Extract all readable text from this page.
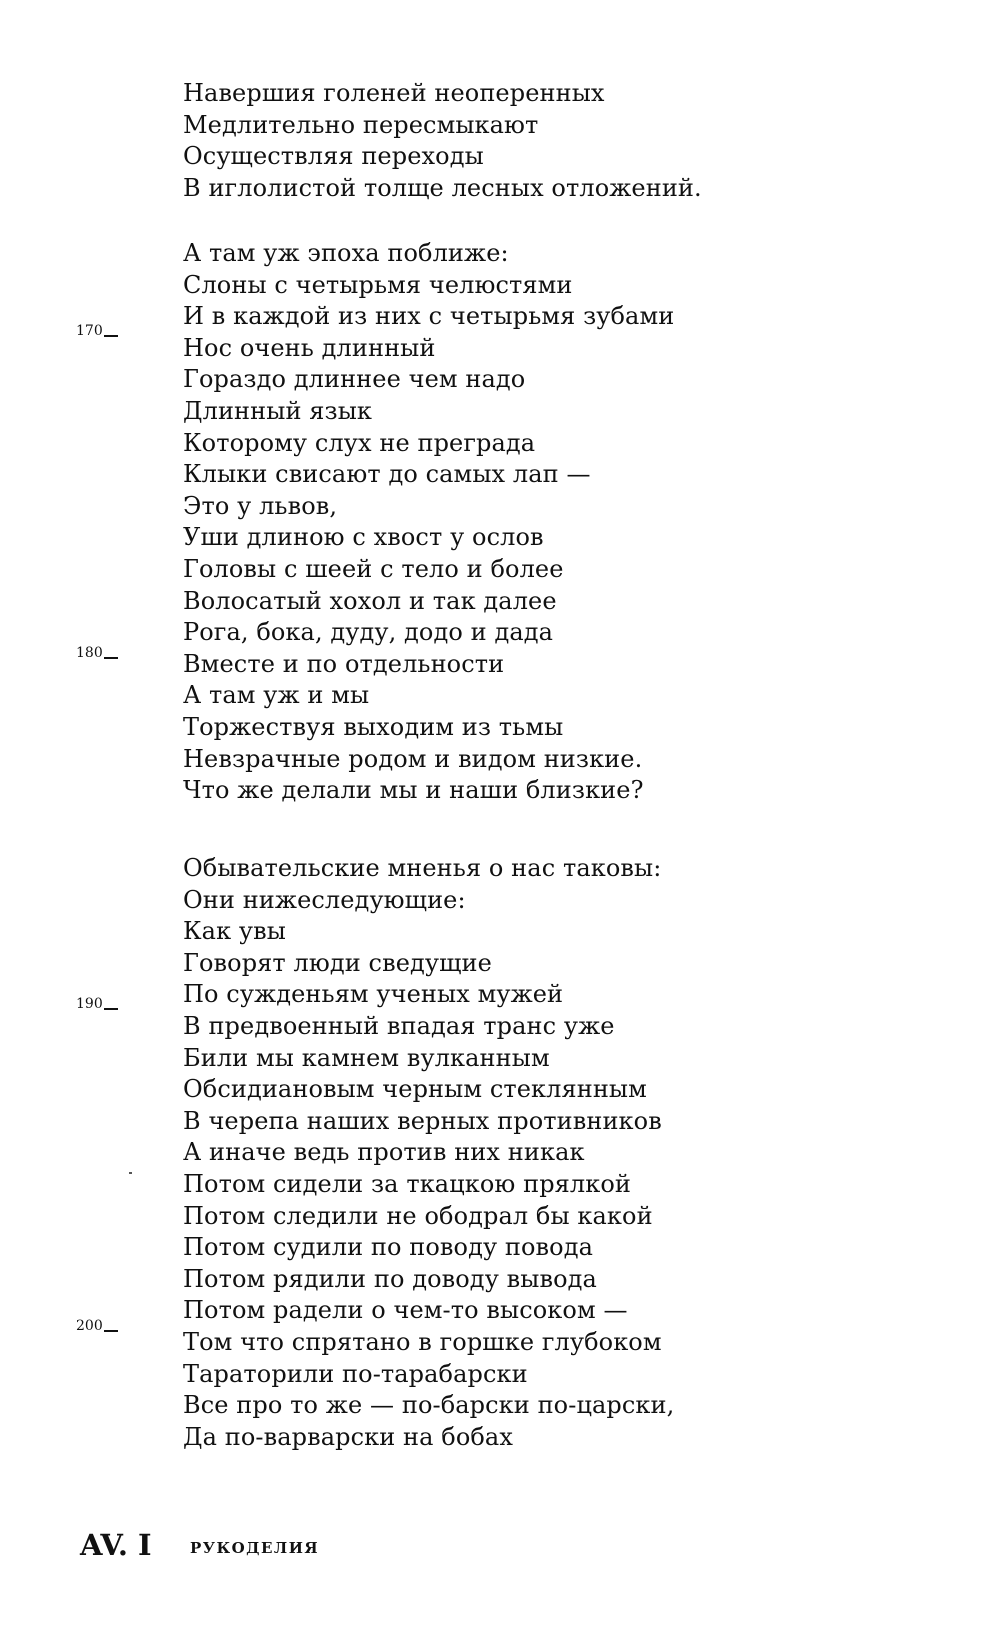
Навершия голеней неоперенных
Медлительно пересмыкают
Осуществляя переходы
В иглолистой толще лесных отложений.
А там уж эпоха поближе:
Слоны с четырьмя челюстями
И в каждой из них с четырьмя зубами
Нос очень длинный
Гораздо длиннее чем надо
Длинный язык
Которому слух не преграда
Клыки свисают до самых лап —
Это у львов,
Уши длиною с хвост у ослов
Головы с шеей с тело и более
Волосатый хохол и так далее
Рога, бока, дуду, додо и дада
Вместе и по отдельности
А там уж и мы
Торжествуя выходим из тьмы
Невзрачные родом и видом низкие.
Что же делали мы и наши близкие?
Обывательские мненья о нас таковы:
Они нижеследующие:
Как увы
Говорят люди сведущие
По сужденьям ученых мужей
В предвоенный впадая транс уже
Били мы камнем вулканным
Обсидиановым черным стеклянным
В черепа наших верных противников
А иначе ведь против них никак
Потом сидели за ткацкою прялкой
Потом следили не ободрал бы какой
Потом судили по поводу повода
Потом рядили по доводу вывода
Потом радели о чем-то высоком —
Том что спрятано в горшке глубоком
Тараторили по-тарабарски
Все про то же — по-барски по-царски,
Да по-варварски на бобах
170
180
190
200
AV. I	РУКОДЕЛИЯ
